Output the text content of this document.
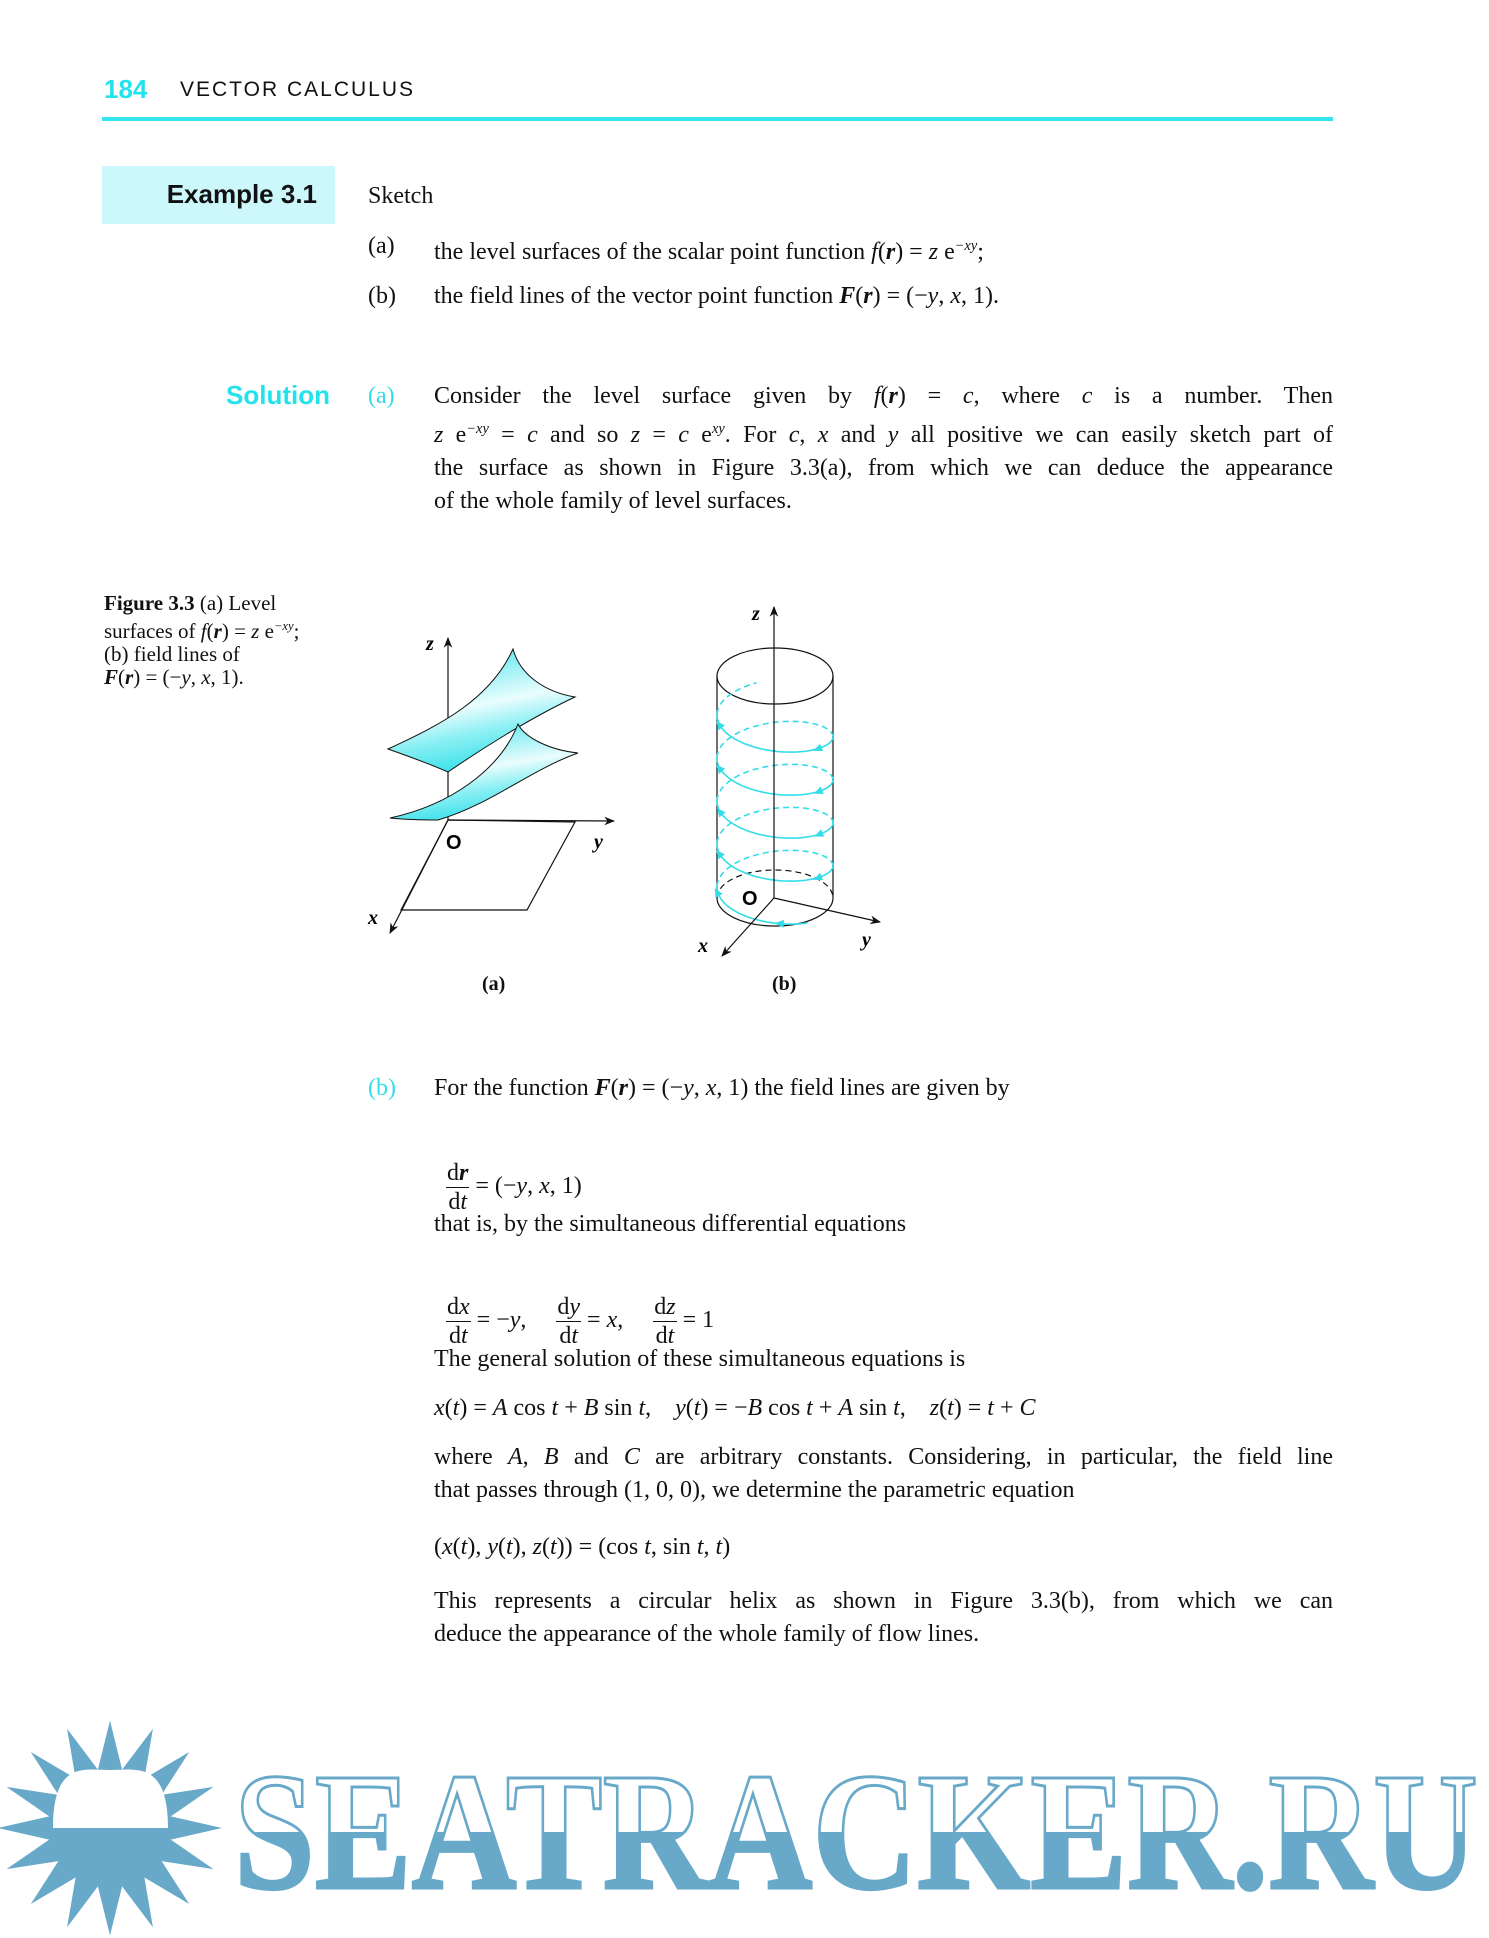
184 VECTOR CALCULUS
Example 3.1 Sketch
(a) the level surfaces of the scalar point function f(r) = z $e^{-xy}$;
(b) the field lines of the vector point function F(r) = (−y, x, 1).
Solution (a) Consider the level surface given by f(r) = c, where c is a number. Then
z $e^{-xy} = c$ and so z = c $e^{xy}$. For c, x and y all positive we can easily sketch part of
the surface as shown in Figure 3.3(a), from which we can deduce the appearance
of the whole family of level surfaces.
Figure 3.3 (a) Level
surfaces of f(r) = z $e^{-xy}$;
(b) field lines of
F(r) = (−y, x, 1).
z
y
x
O
z
y
x
O
(a)	(b)
(b) For the function F(r) = (−y, x, 1) the field lines are given by

$\frac{dr}{dt} = (-y$, x, 1)

that is, by the simultaneous differential equations

$\frac{dx}{dt} = -y$, $\frac{dy}{dt} = x$, $\frac{dz}{dt} = 1$

The general solution of these simultaneous equations is
x(t) = A cos t + B sin t,    y(t) = −B cos t + A sin t,    z(t) = t + C
where A, B and C are arbitrary constants. Considering, in particular, the field line
that passes through (1, 0, 0), we determine the parametric equation
(x(t), y(t), z(t)) = (cos t, sin t, t)
This represents a circular helix as shown in Figure 3.3(b), from which we can
deduce the appearance of the whole family of flow lines.
SEATRACKER.RU
